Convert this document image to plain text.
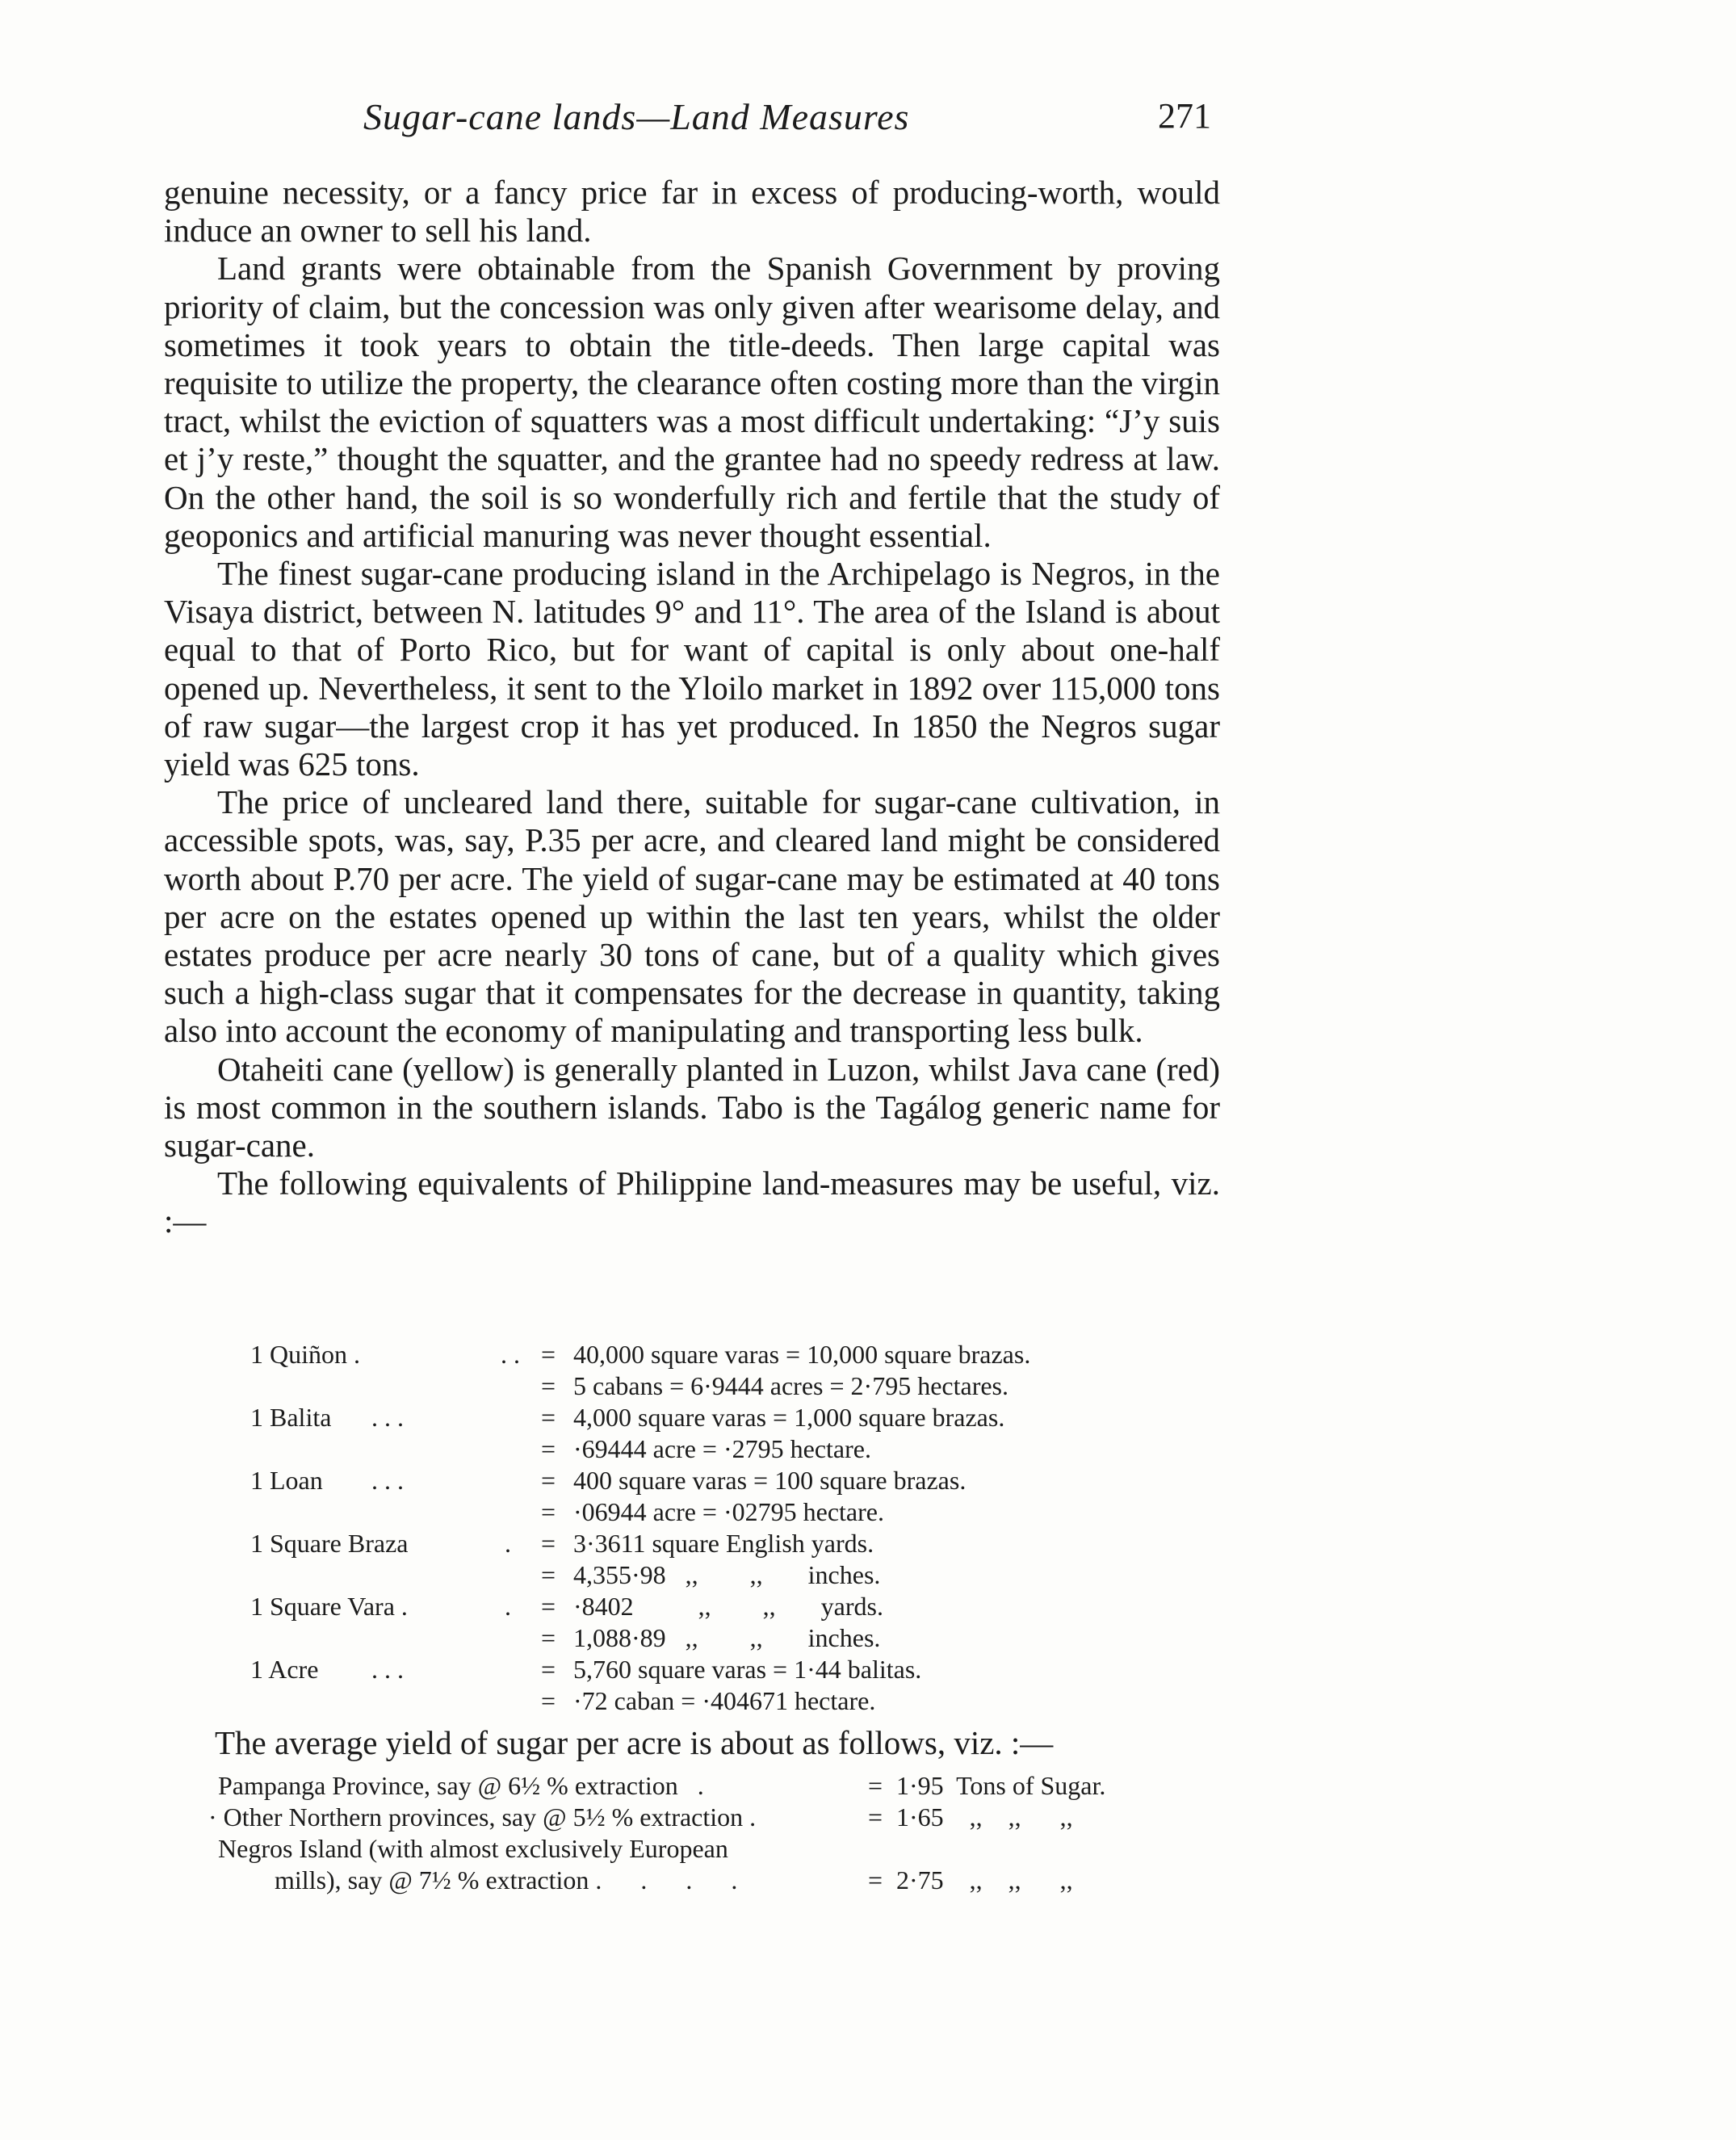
Sugar-cane lands—Land Measures	271

genuine necessity, or a fancy price far in excess of producing-worth, would induce an owner to sell his land.

Land grants were obtainable from the Spanish Government by proving priority of claim, but the concession was only given after wearisome delay, and sometimes it took years to obtain the title-deeds. Then large capital was requisite to utilize the property, the clearance often costing more than the virgin tract, whilst the eviction of squatters was a most difficult undertaking: “J’y suis et j’y reste,” thought the squatter, and the grantee had no speedy redress at law. On the other hand, the soil is so wonderfully rich and fertile that the study of geoponics and artificial manuring was never thought essential.

The finest sugar-cane producing island in the Archipelago is Negros, in the Visaya district, between N. latitudes 9° and 11°. The area of the Island is about equal to that of Porto Rico, but for want of capital is only about one-half opened up. Nevertheless, it sent to the Yloilo market in 1892 over 115,000 tons of raw sugar—the largest crop it has yet produced. In 1850 the Negros sugar yield was 625 tons.

The price of uncleared land there, suitable for sugar-cane cultivation, in accessible spots, was, say, P.35 per acre, and cleared land might be considered worth about P.70 per acre. The yield of sugar-cane may be estimated at 40 tons per acre on the estates opened up within the last ten years, whilst the older estates produce per acre nearly 30 tons of cane, but of a quality which gives such a high-class sugar that it compensates for the decrease in quantity, taking also into account the economy of manipulating and transporting less bulk.

Otaheiti cane (yellow) is generally planted in Luzon, whilst Java cane (red) is most common in the southern islands. Tabo is the Tagálog generic name for sugar-cane.

The following equivalents of Philippine land-measures may be useful, viz. :—

1 Quiñon .	. . = 40,000 square varas = 10,000 square brazas.
= 5 cabans = 6·9444 acres = 2·795 hectares.
1 Balita . . .	= 4,000 square varas = 1,000 square brazas.
= ·69444 acre = ·2795 hectare.
1 Loan . . .	= 400 square varas = 100 square brazas.
= ·06944 acre = ·02795 hectare.
1 Square Braza	. = 3·3611 square English yards.
= 4,355·98   ,,        ,,       inches.
1 Square Vara .	. = ·8402          ,,        ,,       yards.
= 1,088·89   ,,        ,,       inches.
1 Acre . . .	= 5,760 square varas = 1·44 balitas.
= ·72 caban = ·404671 hectare.
The average yield of sugar per acre is about as follows, viz. :—
Pampanga Province, say @ 6½ % extraction   .	= 1·95  Tons of Sugar.
· Other Northern provinces, say @ 5½ % extraction .	= 1·65    ,,    ,,      ,,
Negros Island (with almost exclusively European
mills), say @ 7½ % extraction .      .      .      .	= 2·75    ,,    ,,      ,,
